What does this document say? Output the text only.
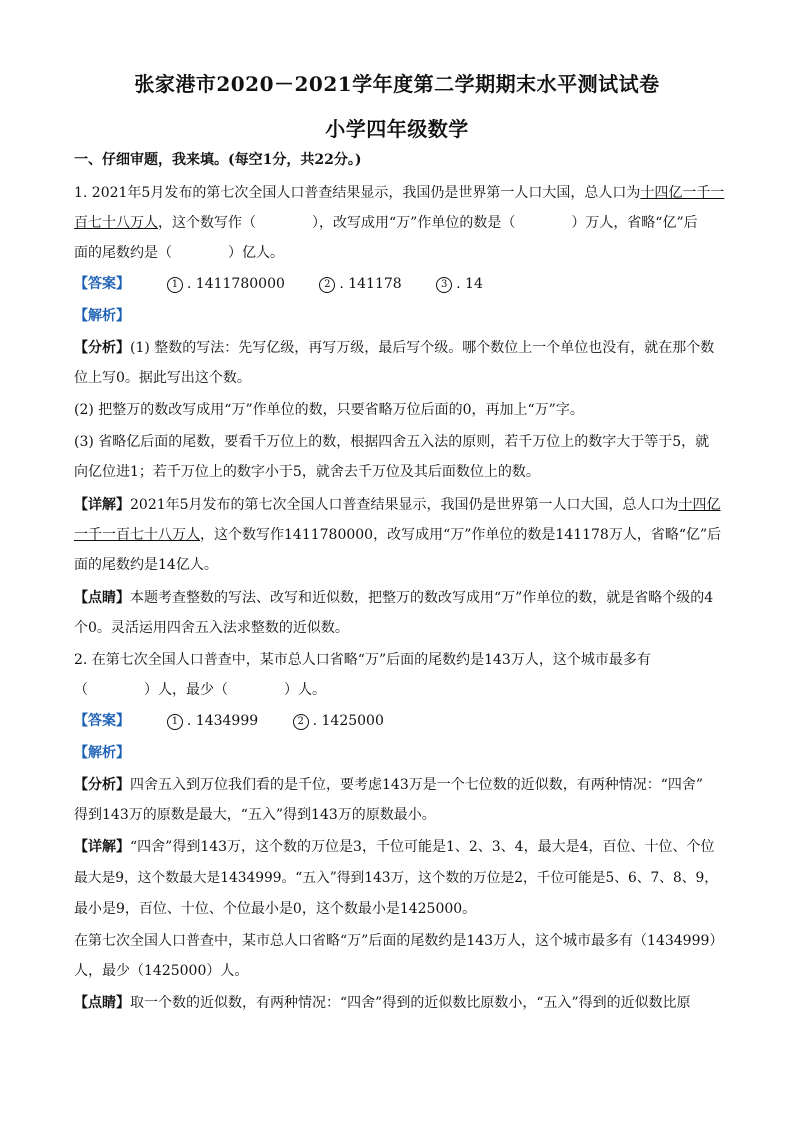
张家港市2020－2021学年度第二学期期末水平测试试卷
小学四年级数学
一、仔细审题，我来填。(每空1分，共22分。)
1. 2021年5月发布的第七次全国人口普查结果显示，我国仍是世界第一人口大国，总人口为十四亿一千一
百七十八万人，这个数写作（　　　　），改写成用“万”作单位的数是（　　　　）万人，省略“亿”后
面的尾数约是（　　　　）亿人。
【答案】	1 . 1411780000	2 . 141178	3 . 14
【解析】
【分析】(1) 整数的写法：先写亿级，再写万级，最后写个级。哪个数位上一个单位也没有，就在那个数
位上写0。据此写出这个数。
(2) 把整万的数改写成用“万”作单位的数，只要省略万位后面的0，再加上“万”字。
(3) 省略亿后面的尾数，要看千万位上的数，根据四舍五入法的原则，若千万位上的数字大于等于5，就
向亿位进1；若千万位上的数字小于5，就舍去千万位及其后面数位上的数。
【详解】2021年5月发布的第七次全国人口普查结果显示，我国仍是世界第一人口大国，总人口为十四亿
一千一百七十八万人，这个数写作1411780000，改写成用“万”作单位的数是141178万人，省略“亿”后
面的尾数约是14亿人。
【点睛】本题考查整数的写法、改写和近似数，把整万的数改写成用“万”作单位的数，就是省略个级的4
个0。灵活运用四舍五入法求整数的近似数。
2. 在第七次全国人口普查中，某市总人口省略“万”后面的尾数约是143万人，这个城市最多有
（　　　　）人，最少（　　　　）人。
【答案】	1 . 1434999	2 . 1425000
【解析】
【分析】四舍五入到万位我们看的是千位，要考虑143万是一个七位数的近似数，有两种情况：“四舍”
得到143万的原数是最大，“五入”得到143万的原数最小。
【详解】“四舍”得到143万，这个数的万位是3，千位可能是1、2、3、4，最大是4，百位、十位、个位
最大是9，这个数最大是1434999。“五入”得到143万，这个数的万位是2，千位可能是5、6、7、8、9，
最小是9，百位、十位、个位最小是0，这个数最小是1425000。
在第七次全国人口普查中，某市总人口省略“万”后面的尾数约是143万人，这个城市最多有（1434999）
人，最少（1425000）人。
【点睛】取一个数的近似数，有两种情况：“四舍”得到的近似数比原数小，“五入”得到的近似数比原
